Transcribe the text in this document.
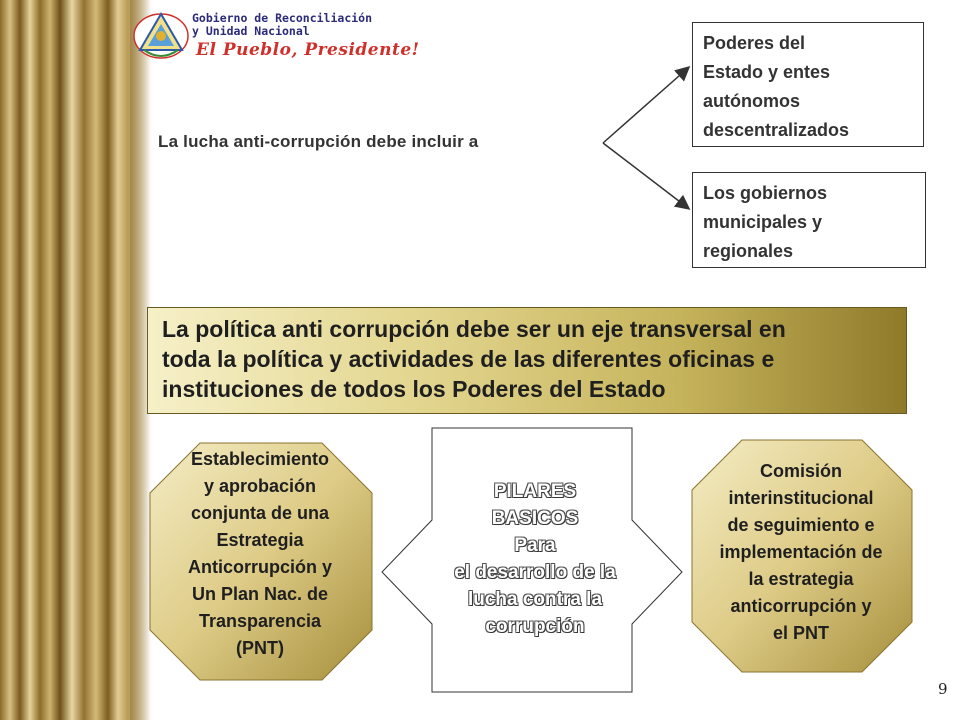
Gobierno de Reconciliación
y Unidad Nacional
El Pueblo, Presidente!
La lucha anti-corrupción debe incluir a
Poderes del
Estado y entes
autónomos
descentralizados
Los gobiernos
municipales y
regionales
La política anti corrupción debe ser un eje transversal en
toda la política y actividades de las diferentes oficinas e
instituciones de todos los Poderes del Estado
Establecimiento
y aprobación
conjunta de una
Estrategia
Anticorrupción y
Un Plan Nac. de
Transparencia
(PNT)
PILARES
BASICOS
Para
el desarrollo de la
lucha contra la
corrupción
Comisión
interinstitucional
de seguimiento e
implementación de
la estrategia
anticorrupción y
el PNT
9
